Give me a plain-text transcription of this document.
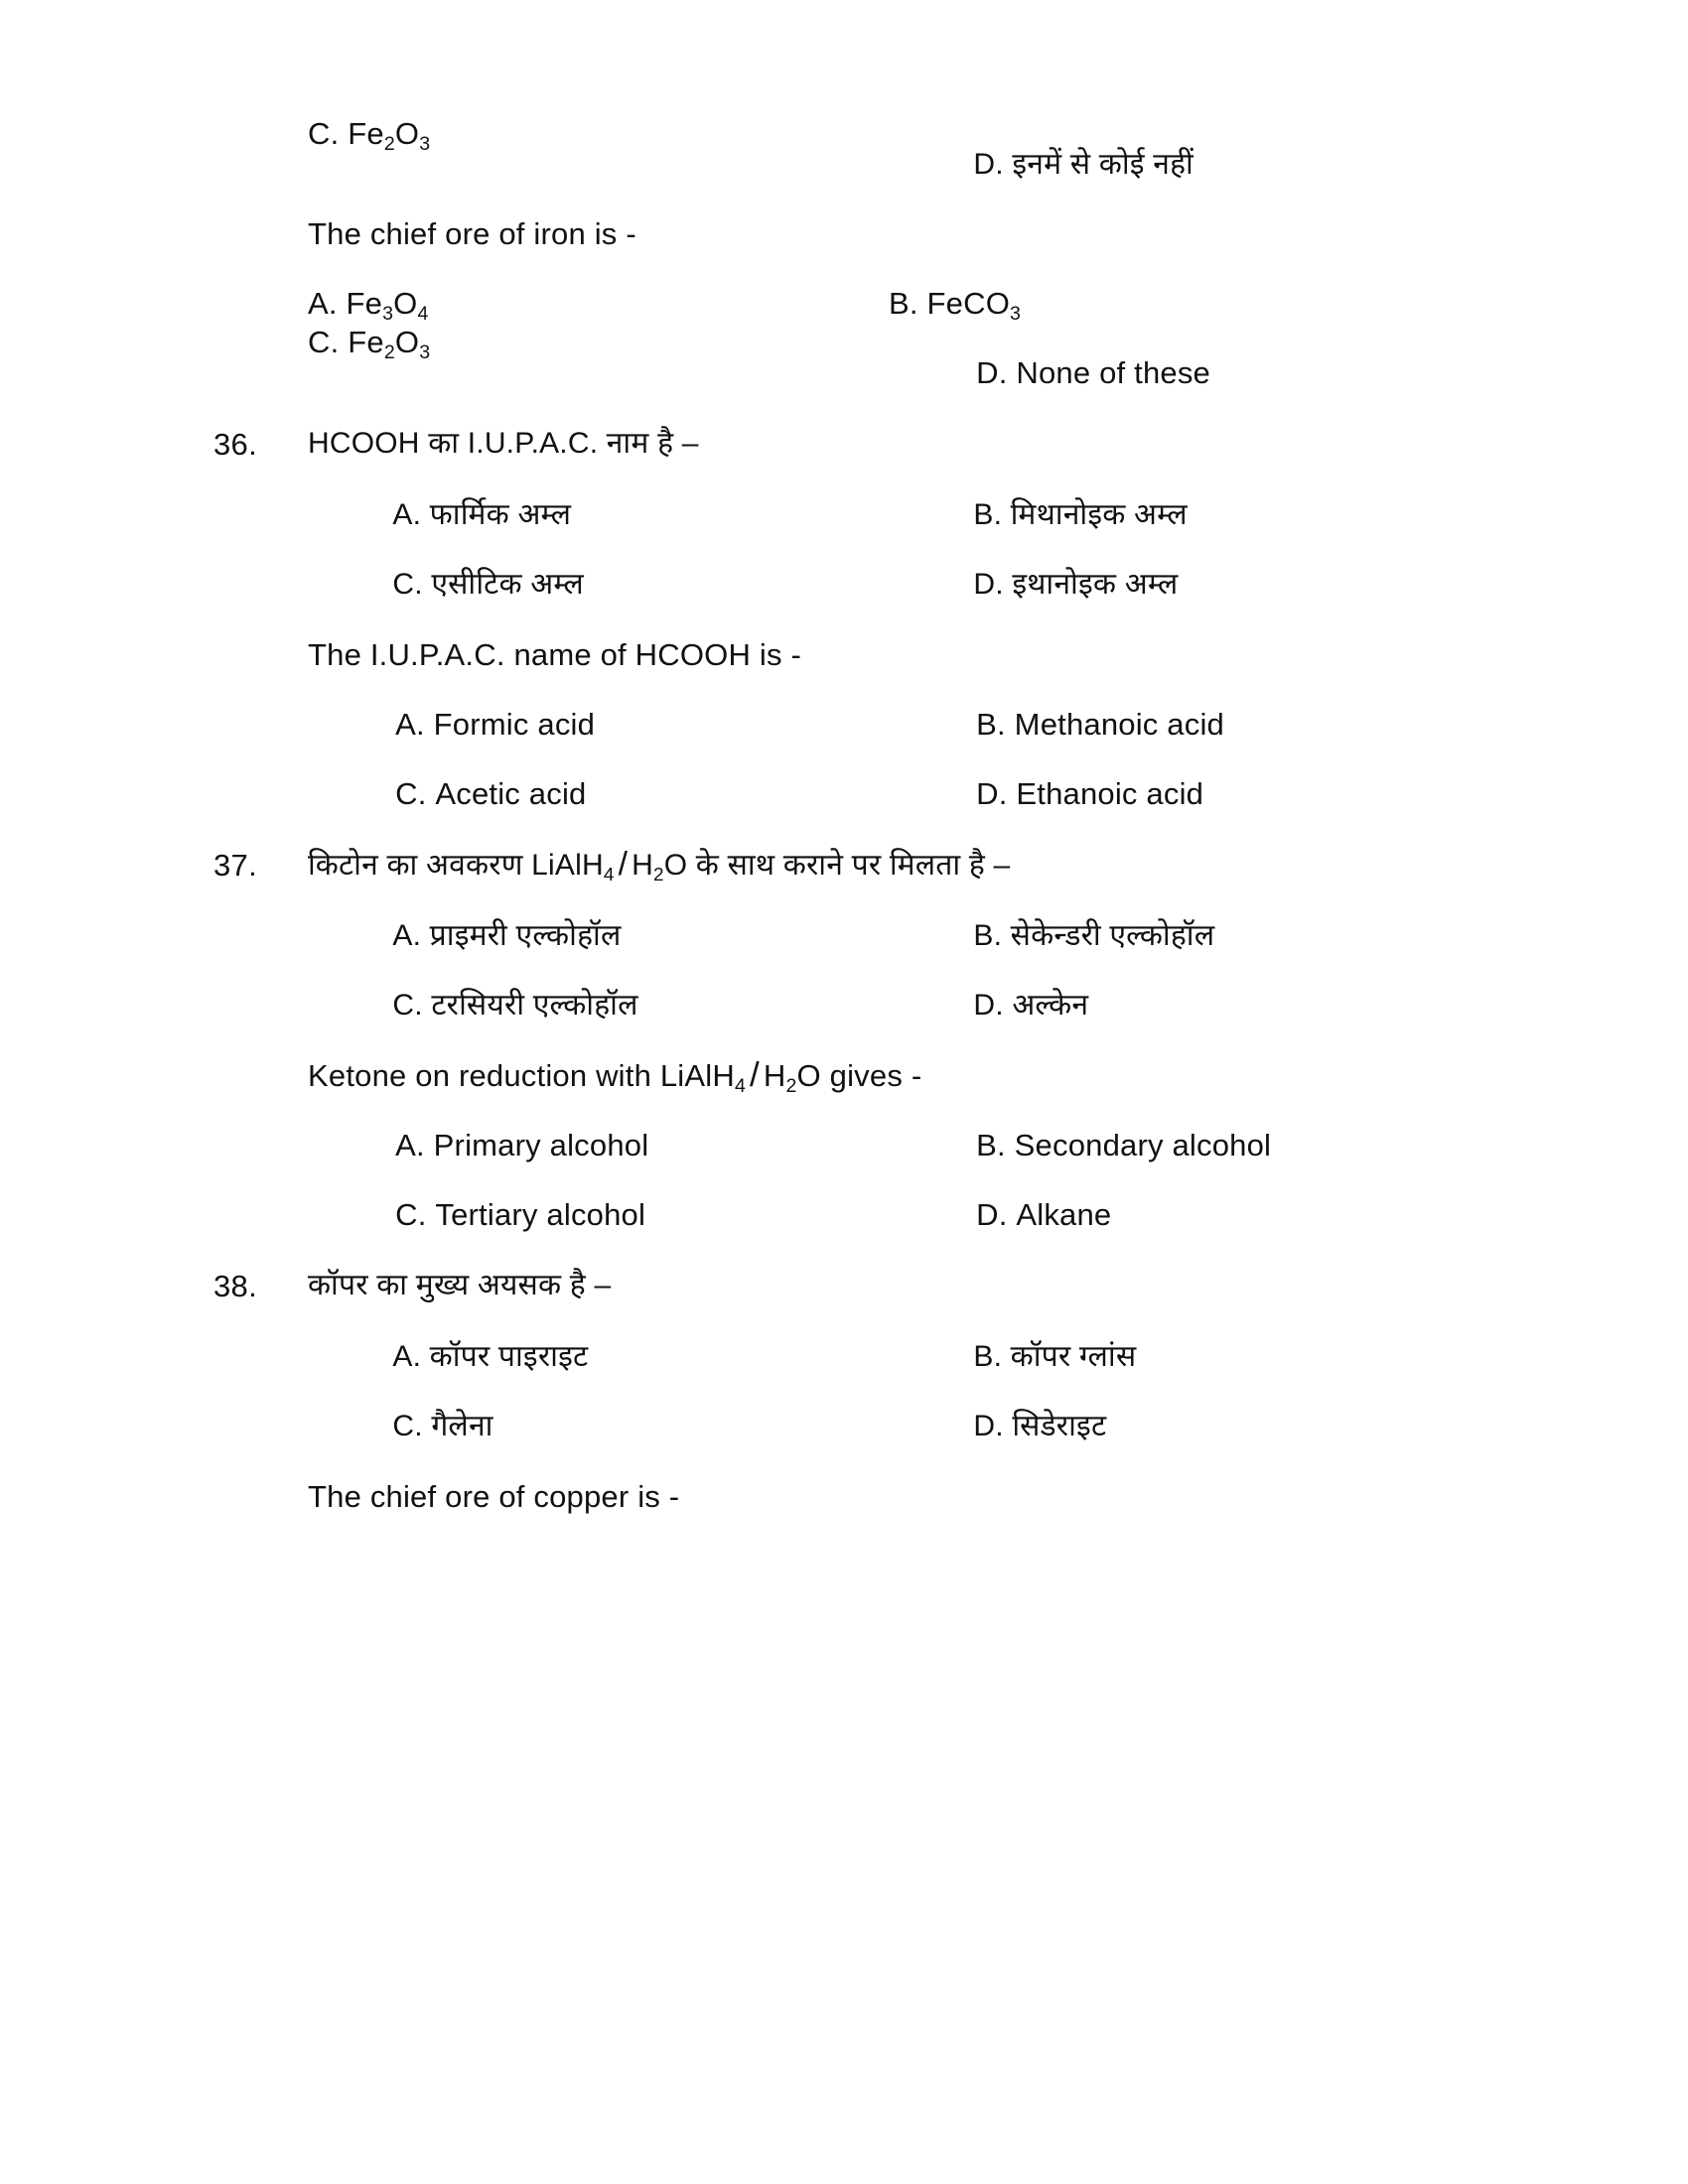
C. $Fe_2O_3$

D. इनमें से कोई नहीं

The chief ore of iron is -
A. $Fe_3O_4$	B. FeCO$_3$
C. $Fe_2O_3$

D. None of these

36.	HCOOH का I.U.P.A.C. नाम है –

A. फार्मिक अम्ल
	B. मिथानोइक अम्ल

C. एसीटिक अम्ल
	D. इथानोइक अम्ल

The I.U.P.A.C. name of HCOOH is -

A. Formic acid
	B. Methanoic acid

C. Acetic acid
	D. Ethanoic acid

37.	किटोन का अवकरण LiAlH$_4$ / $H_2O$ के साथ कराने पर मिलता है –

A. प्राइमरी एल्कोहॉल
	B. सेकेन्डरी एल्कोहॉल

C. टरसियरी एल्कोहॉल
	D. अल्केन

Ketone on reduction with LiAlH$_4$ / $H_2O$ gives -

A. Primary alcohol
	B. Secondary alcohol

C. Tertiary alcohol
	D. Alkane

38.	कॉपर का मुख्य अयसक है –

A. कॉपर पाइराइट
	B. कॉपर ग्लांस

C. गैलेना
	D. सिडेराइट

The chief ore of copper is -
